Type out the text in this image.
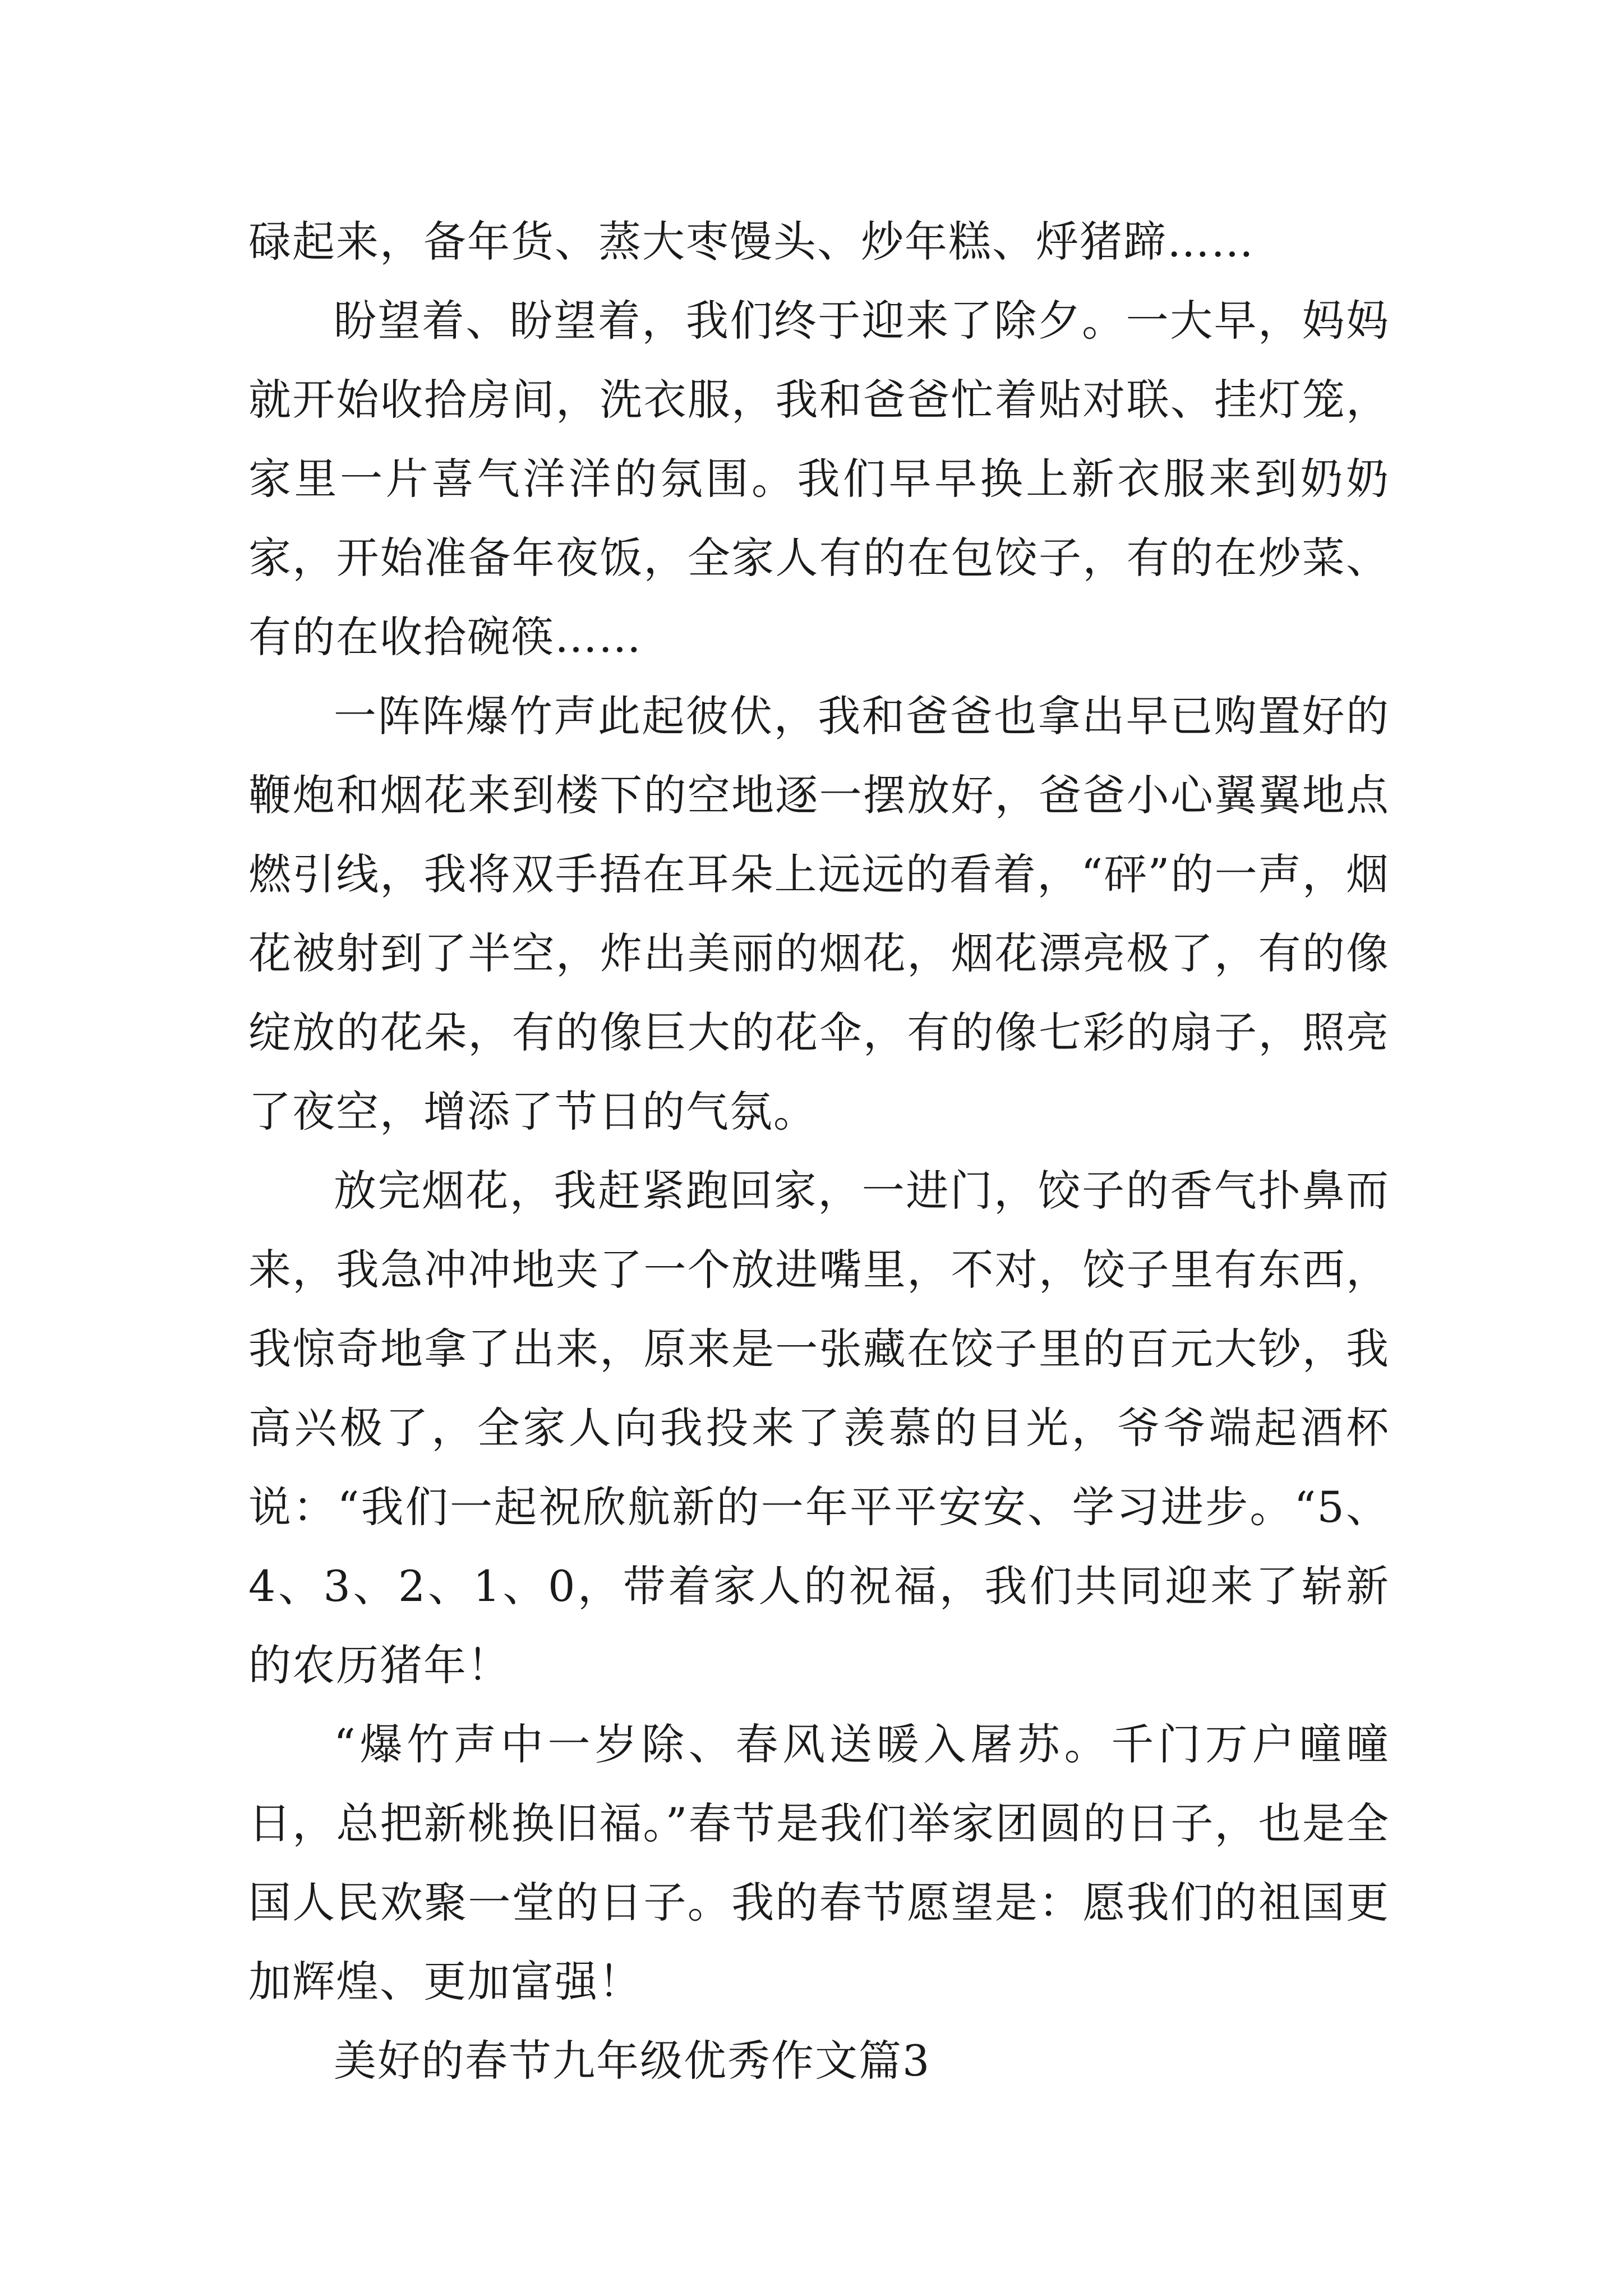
碌起来，备年货、蒸大枣馒头、炒年糕、烀猪蹄……

盼望着、盼望着，我们终于迎来了除夕。一大早，妈妈就开始收拾房间，洗衣服，我和爸爸忙着贴对联、挂灯笼，家里一片喜气洋洋的氛围。我们早早换上新衣服来到奶奶家，开始准备年夜饭，全家人有的在包饺子，有的在炒菜、有的在收拾碗筷……

一阵阵爆竹声此起彼伏，我和爸爸也拿出早已购置好的鞭炮和烟花来到楼下的空地逐一摆放好，爸爸小心翼翼地点燃引线，我将双手捂在耳朵上远远的看着，“砰”的一声，烟花被射到了半空，炸出美丽的烟花，烟花漂亮极了，有的像绽放的花朵，有的像巨大的花伞，有的像七彩的扇子，照亮了夜空，增添了节日的气氛。

放完烟花，我赶紧跑回家，一进门，饺子的香气扑鼻而来，我急冲冲地夹了一个放进嘴里，不对，饺子里有东西，我惊奇地拿了出来，原来是一张藏在饺子里的百元大钞，我高兴极了，全家人向我投来了羡慕的目光，爷爷端起酒杯说：“我们一起祝欣航新的一年平平安安、学习进步。“5、4、3、2、1、0，带着家人的祝福，我们共同迎来了崭新的农历猪年！

“爆竹声中一岁除、春风送暖入屠苏。千门万户曈曈日，总把新桃换旧福。”春节是我们举家团圆的日子，也是全国人民欢聚一堂的日子。我的春节愿望是：愿我们的祖国更加辉煌、更加富强！

美好的春节九年级优秀作文篇3
